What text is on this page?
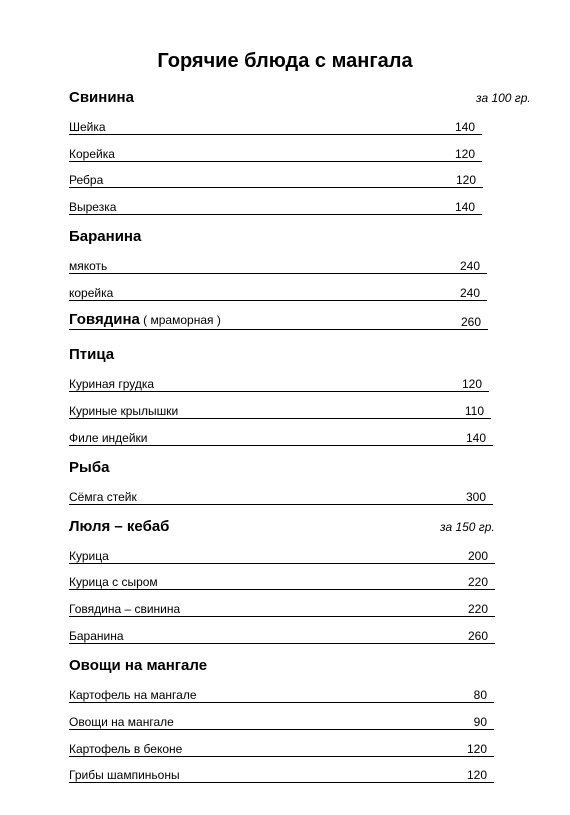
Горячие блюда с мангала
Свинина	за 100 гр.
Шейка	140
Корейка	120
Ребра	120
Вырезка	140
Баранина
мякоть	240
корейка	240
Говядина ( мраморная )	260
Птица
Куриная грудка	120
Куриные крылышки	110
Филе индейки	140
Рыба
Сёмга стейк	300
Люля – кебаб	за 150 гр.
Курица	200
Курица с сыром	220
Говядина – свинина	220
Баранина	260
Овощи на мангале
Картофель на мангале	80
Овощи на мангале	90
Картофель в беконе	120
Грибы шампиньоны	120
